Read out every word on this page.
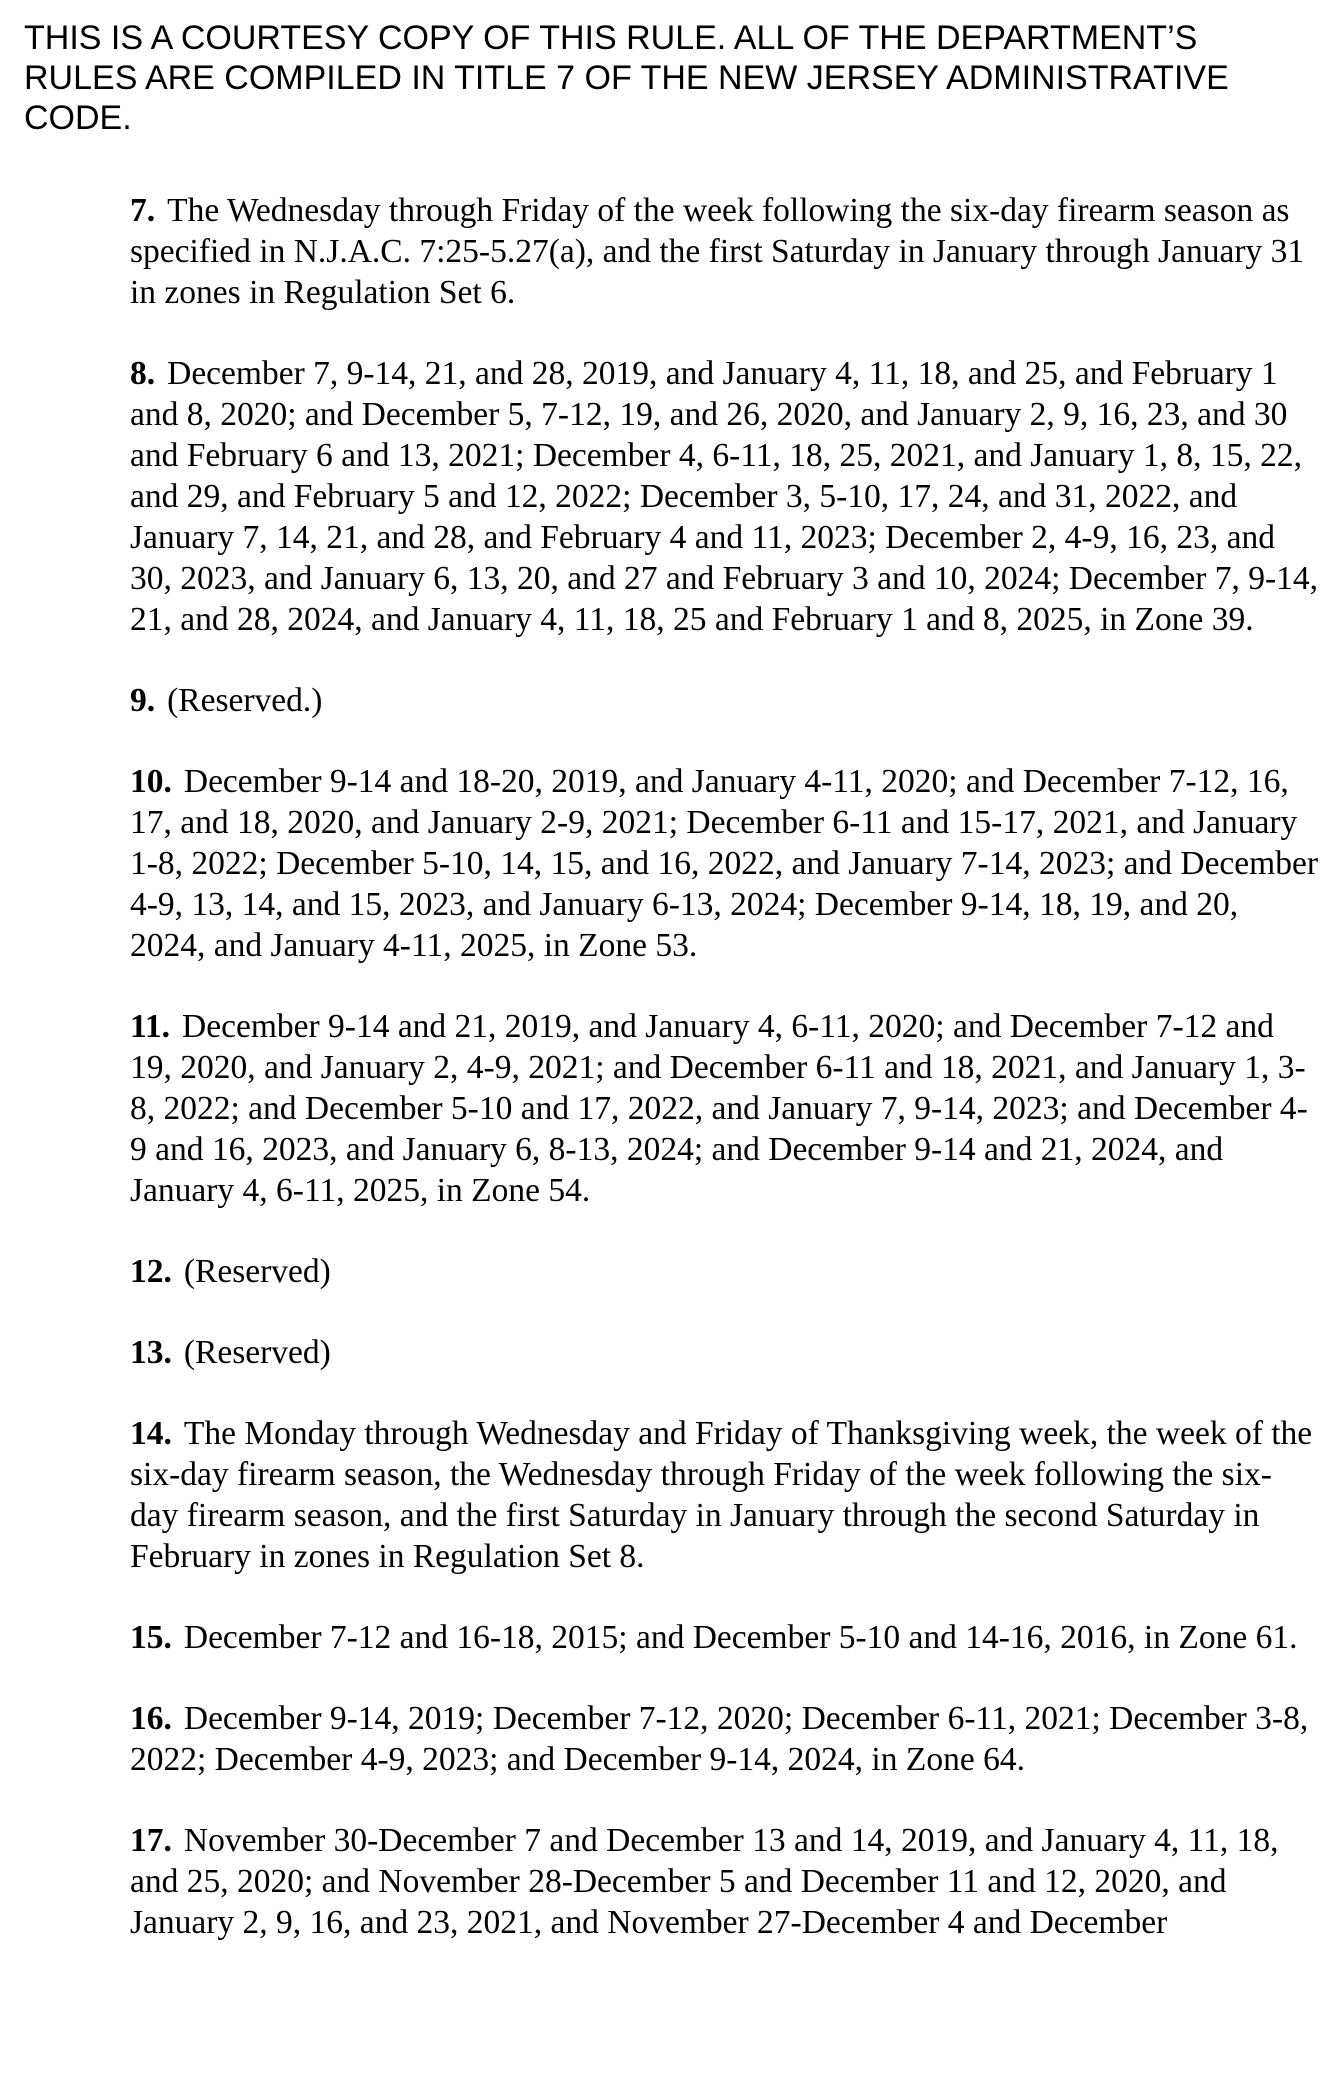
THIS IS A COURTESY COPY OF THIS RULE. ALL OF THE DEPARTMENT’S RULES ARE COMPILED IN TITLE 7 OF THE NEW JERSEY ADMINISTRATIVE CODE.

7. The Wednesday through Friday of the week following the six-day firearm season as specified in N.J.A.C. 7:25-5.27(a), and the first Saturday in January through January 31 in zones in Regulation Set 6.

8. December 7, 9-14, 21, and 28, 2019, and January 4, 11, 18, and 25, and February 1 and 8, 2020; and December 5, 7-12, 19, and 26, 2020, and January 2, 9, 16, 23, and 30 and February 6 and 13, 2021; December 4, 6-11, 18, 25, 2021, and January 1, 8, 15, 22, and 29, and February 5 and 12, 2022; December 3, 5-10, 17, 24, and 31, 2022, and January 7, 14, 21, and 28, and February 4 and 11, 2023; December 2, 4-9, 16, 23, and 30, 2023, and January 6, 13, 20, and 27 and February 3 and 10, 2024; December 7, 9-14, 21, and 28, 2024, and January 4, 11, 18, 25 and February 1 and 8, 2025, in Zone 39.

9. (Reserved.)

10. December 9-14 and 18-20, 2019, and January 4-11, 2020; and December 7-12, 16, 17, and 18, 2020, and January 2-9, 2021; December 6-11 and 15-17, 2021, and January 1-8, 2022; December 5-10, 14, 15, and 16, 2022, and January 7-14, 2023; and December 4-9, 13, 14, and 15, 2023, and January 6-13, 2024; December 9-14, 18, 19, and 20, 2024, and January 4-11, 2025, in Zone 53.

11. December 9-14 and 21, 2019, and January 4, 6-11, 2020; and December 7-12 and 19, 2020, and January 2, 4-9, 2021; and December 6-11 and 18, 2021, and January 1, 3-8, 2022; and December 5-10 and 17, 2022, and January 7, 9-14, 2023; and December 4-9 and 16, 2023, and January 6, 8-13, 2024; and December 9-14 and 21, 2024, and January 4, 6-11, 2025, in Zone 54.

12. (Reserved)

13. (Reserved)

14. The Monday through Wednesday and Friday of Thanksgiving week, the week of the six-day firearm season, the Wednesday through Friday of the week following the six-day firearm season, and the first Saturday in January through the second Saturday in February in zones in Regulation Set 8.

15. December 7-12 and 16-18, 2015; and December 5-10 and 14-16, 2016, in Zone 61.

16. December 9-14, 2019; December 7-12, 2020; December 6-11, 2021; December 3-8, 2022; December 4-9, 2023; and December 9-14, 2024, in Zone 64.

17. November 30-December 7 and December 13 and 14, 2019, and January 4, 11, 18, and 25, 2020; and November 28-December 5 and December 11 and 12, 2020, and January 2, 9, 16, and 23, 2021, and November 27-December 4 and December
